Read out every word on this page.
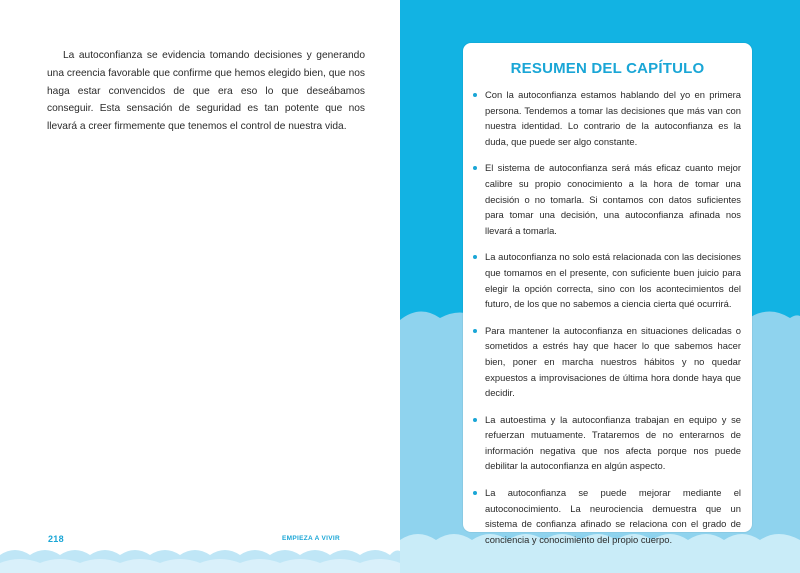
La autoconfianza se evidencia tomando decisiones y generando una creencia favorable que confirme que hemos elegido bien, que nos haga estar convencidos de que era eso lo que deseábamos conseguir. Esta sensación de seguridad es tan potente que nos llevará a creer firmemente que tenemos el control de nuestra vida.

218	EMPIEZA A VIVIR
RESUMEN DEL CAPÍTULO
Con la autoconfianza estamos hablando del yo en primera persona. Tendemos a tomar las decisiones que más van con nuestra identidad. Lo contrario de la autoconfianza es la duda, que puede ser algo constante.
El sistema de autoconfianza será más eficaz cuanto mejor calibre su propio conocimiento a la hora de tomar una decisión o no tomarla. Si contamos con datos suficientes para tomar una decisión, una autoconfianza afinada nos llevará a tomarla.
La autoconfianza no solo está relacionada con las decisiones que tomamos en el presente, con suficiente buen juicio para elegir la opción correcta, sino con los acontecimientos del futuro, de los que no sabemos a ciencia cierta qué ocurrirá.
Para mantener la autoconfianza en situaciones delicadas o sometidos a estrés hay que hacer lo que sabemos hacer bien, poner en marcha nuestros hábitos y no quedar expuestos a improvisaciones de última hora donde haya que decidir.
La autoestima y la autoconfianza trabajan en equipo y se refuerzan mutuamente. Trataremos de no enterarnos de información negativa que nos afecta porque nos puede debilitar la autoconfianza en algún aspecto.
La autoconfianza se puede mejorar mediante el autoconocimiento. La neurociencia demuestra que un sistema de confianza afinado se relaciona con el grado de conciencia y conocimiento del propio cuerpo.
